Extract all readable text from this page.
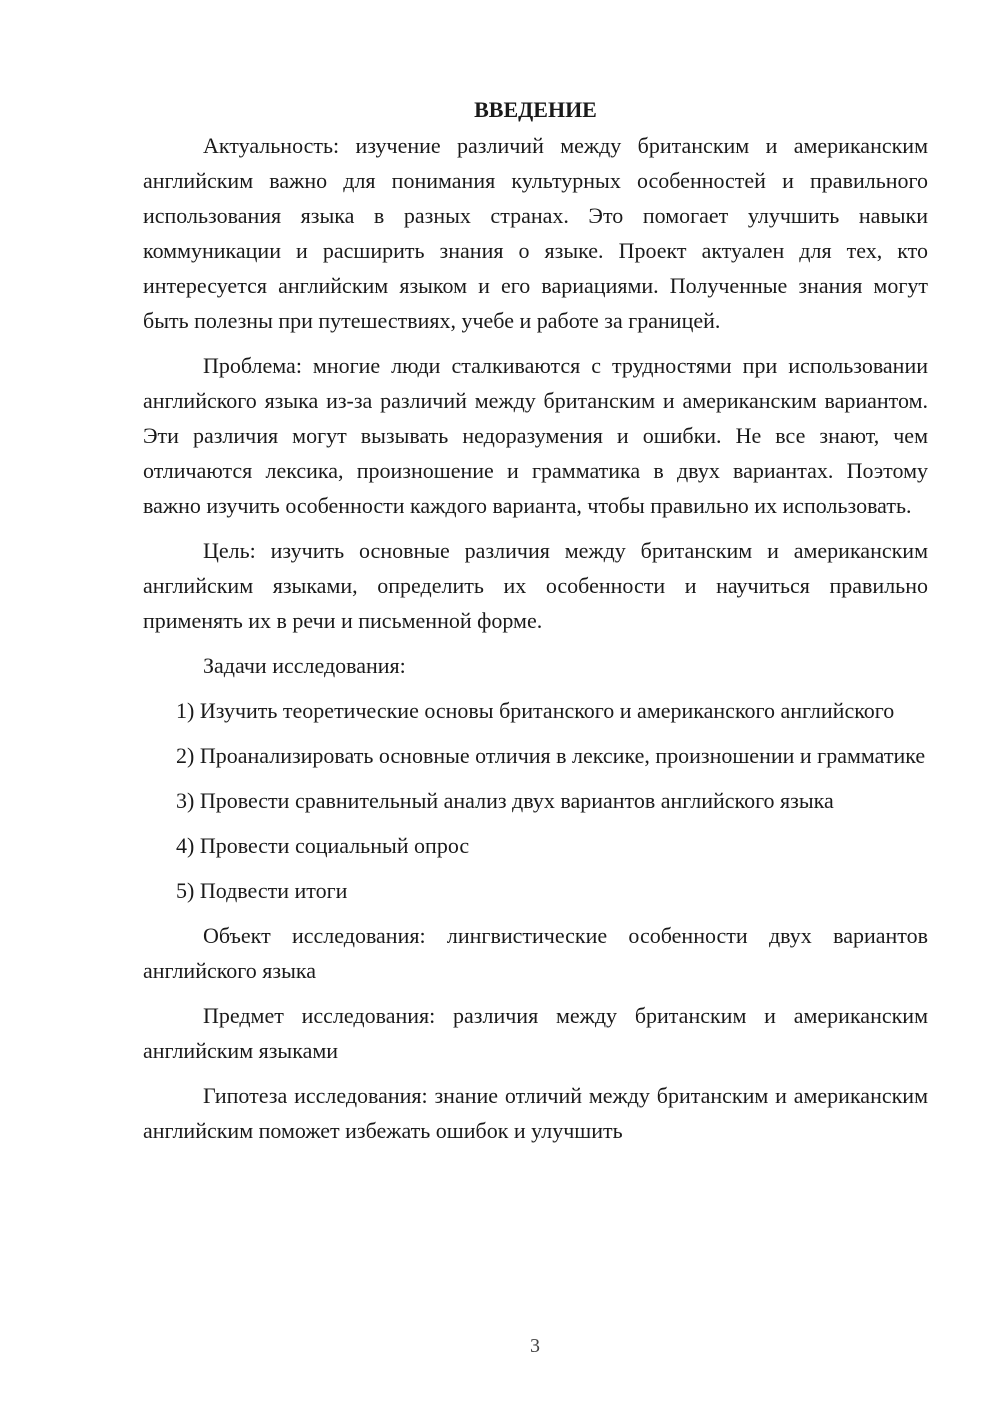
ВВЕДЕНИЕ

Актуальность: изучение различий между британским и американским английским важно для понимания культурных особенностей и правильного использования языка в разных странах. Это помогает улучшить навыки коммуникации и расширить знания о языке. Проект актуален для тех, кто интересуется английским языком и его вариациями. Полученные знания могут быть полезны при путешествиях, учебе и работе за границей.

Проблема: многие люди сталкиваются с трудностями при использовании английского языка из-за различий между британским и американским вариантом. Эти различия могут вызывать недоразумения и ошибки. Не все знают, чем отличаются лексика, произношение и грамматика в двух вариантах. Поэтому важно изучить особенности каждого варианта, чтобы правильно их использовать.

Цель: изучить основные различия между британским и американским английским языками, определить их особенности и научиться правильно применять их в речи и письменной форме.

Задачи исследования:

1) Изучить теоретические основы британского и американского английского

2) Проанализировать основные отличия в лексике, произношении и грамматике

3) Провести сравнительный анализ двух вариантов английского языка

4) Провести социальный опрос

5) Подвести итоги

Объект исследования: лингвистические особенности двух вариантов английского языка

Предмет исследования: различия между британским и американским английским языками

Гипотеза исследования: знание отличий между британским и американским английским поможет избежать ошибок и улучшить

3
